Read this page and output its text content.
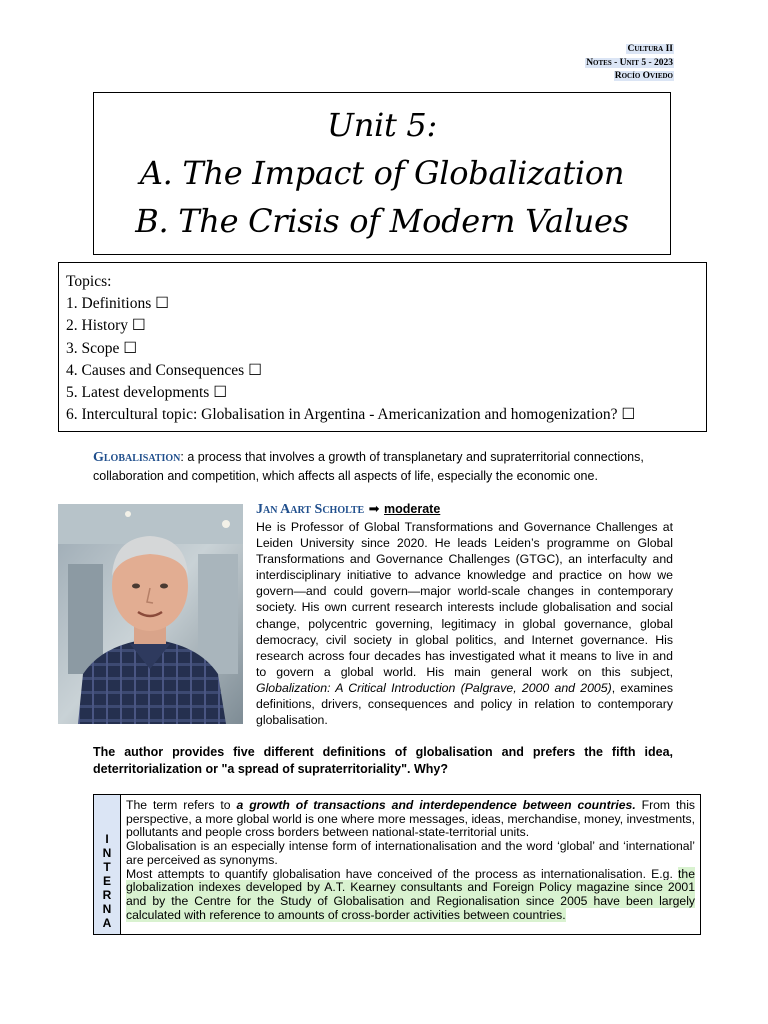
Cultura II
Notes - Unit 5 - 2023
Rocío Oviedo
Unit 5:
A. The Impact of Globalization
B. The Crisis of Modern Values
Topics:
1. Definitions ☐
2. History ☐
3. Scope ☐
4. Causes and Consequences ☐
5. Latest developments ☐
6. Intercultural topic: Globalisation in Argentina - Americanization and homogenization? ☐
Globalisation: a process that involves a growth of transplanetary and supraterritorial connections, collaboration and competition, which affects all aspects of life, especially the economic one.
Jan Aart Scholte ➡ moderate
He is Professor of Global Transformations and Governance Challenges at Leiden University since 2020. He leads Leiden’s programme on Global Transformations and Governance Challenges (GTGC), an interfaculty and interdisciplinary initiative to advance knowledge and practice on how we govern—and could govern—major world-scale changes in contemporary society. His own current research interests include globalisation and social change, polycentric governing, legitimacy in global governance, global democracy, civil society in global politics, and Internet governance. His research across four decades has investigated what it means to live in and to govern a global world. His main general work on this subject, Globalization: A Critical Introduction (Palgrave, 2000 and 2005), examines definitions, drivers, consequences and policy in relation to contemporary globalisation.
The author provides five different definitions of globalisation and prefers the fifth idea, deterritorialization or "a spread of supraterritoriality". Why?
I
N
T
E
R
N
A
The term refers to a growth of transactions and interdependence between countries. From this perspective, a more global world is one where more messages, ideas, merchandise, money, investments, pollutants and people cross borders between national-state-territorial units.
Globalisation is an especially intense form of internationalisation and the word ‘global’ and ‘international’ are perceived as synonyms.
Most attempts to quantify globalisation have conceived of the process as internationalisation. E.g. the globalization indexes developed by A.T. Kearney consultants and Foreign Policy magazine since 2001 and by the Centre for the Study of Globalisation and Regionalisation since 2005 have been largely calculated with reference to amounts of cross-border activities between countries.
